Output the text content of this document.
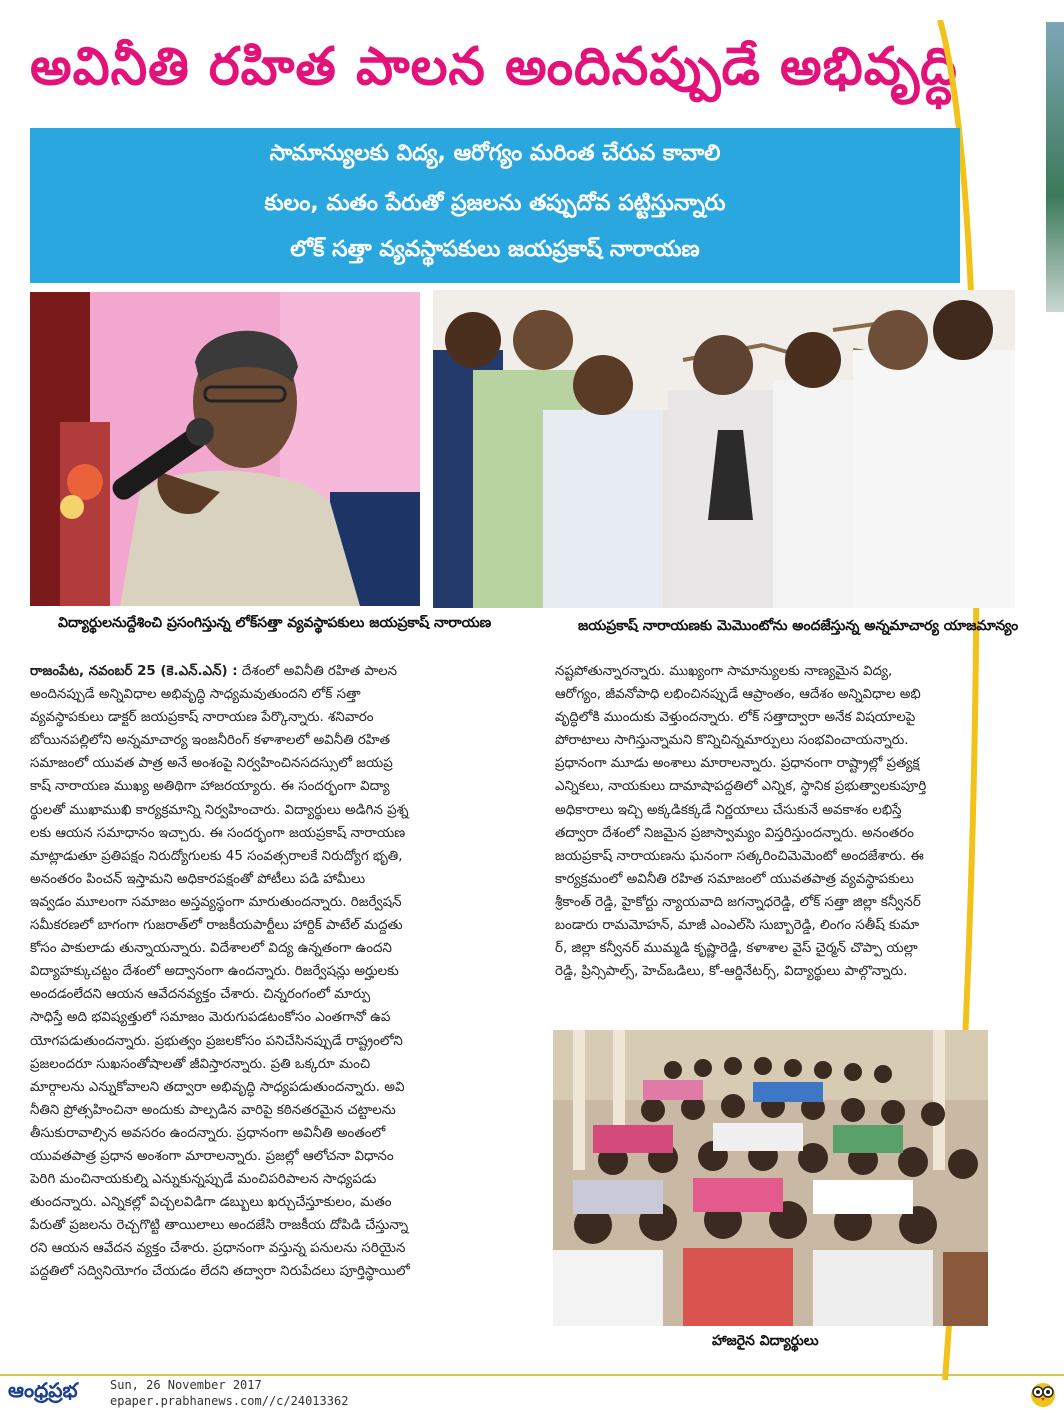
అవినీతి రహిత పాలన అందినప్పుడే అభివృద్ధి
సామాన్యులకు విద్య, ఆరోగ్యం మరింత చేరువ కావాలి
కులం, మతం పేరుతో ప్రజలను తప్పుదోవ పట్టిస్తున్నారు
లోక్ సత్తా వ్యవస్థాపకులు జయప్రకాష్ నారాయణ
విద్యార్థులనుద్దేశించి ప్రసంగిస్తున్న లోక్‌సత్తా వ్యవస్థాపకులు జయప్రకాష్ నారాయణ	జయప్రకాష్ నారాయణకు మెమొంటోను అందజేస్తున్న అన్నమాచార్య యాజమాన్యం
రాజంపేట, నవంబర్ 25 (కె.ఎన్.ఎన్) : దేశంలో అవినీతి రహిత పాలన
అందినప్పుడే అన్నివిధాల అభివృద్ధి సాధ్యమవుతుందని లోక్ సత్తా
వ్యవస్థాపకులు డాక్టర్ జయప్రకాష్ నారాయణ పేర్కొన్నారు. శనివారం
బోయినపల్లిలోని అన్నమాచార్య ఇంజనీరింగ్ కళాశాలలో అవినీతి రహిత
సమాజంలో యువత పాత్ర అనే అంశంపై నిర్వహించినసదస్సులో జయప్ర
కాష్ నారాయణ ముఖ్య అతిథిగా హాజరయ్యారు. ఈ సందర్భంగా విద్యా
ర్థులతో ముఖాముఖి కార్యక్రమాన్ని నిర్వహించారు. విద్యార్థులు అడిగిన ప్రశ్న
లకు ఆయన సమాధానం ఇచ్చారు. ఈ సందర్భంగా జయప్రకాష్ నారాయణ
మాట్లాడుతూ ప్రతిపక్షం నిరుద్యోగులకు 45 సంవత్సరాలకే నిరుద్యోగ భృతి,
అనంతరం పించన్ ఇస్తామని అధికారపక్షంతో పోటీలు పడి హామీలు
ఇవ్వడం మూలంగా సమాజం అస్తవ్యస్థంగా మారుతుందన్నారు. రిజర్వేషన్
సమీకరణలో బాగంగా గుజరాత్‌లో రాజకీయపార్టీలు హార్దిక్ పాటేల్ మద్దతు
కోసం పాకులాడు తున్నాయన్నారు. విదేశాలలో విద్య ఉన్నతంగా ఉందని
విద్యాహక్కుచట్టం దేశంలో అద్వానంగా ఉందన్నారు. రిజర్వేషన్లు అర్హులకు
అందడంలేదని ఆయన ఆవేదనవ్యక్తం చేశారు. చిన్నరంగంలో మార్పు
సాధిస్తే అది భవిష్యత్తులో సమాజం మెరుగుపడటంకోసం ఎంతగానో ఉప
యోగపడుతుందన్నారు. ప్రభుత్వం ప్రజలకోసం పనిచేసినప్పుడే రాష్ట్రంలోని
ప్రజలందరూ సుఖసంతోషాలతో జీవిస్తారన్నారు. ప్రతి ఒక్కరూ మంచి
మార్గాలను ఎన్నుకోవాలని తద్వారా అభివృద్ధి సాధ్యపడుతుందన్నారు. అవి
నీతిని ప్రోత్సహించినా అందుకు పాల్పడిన వారిపై కఠినతరమైన చట్టాలను
తీసుకురావాల్సిన అవసరం ఉందన్నారు. ప్రధానంగా అవినీతి అంతంలో
యువతపాత్ర ప్రధాన అంశంగా మారాలన్నారు. ప్రజల్లో ఆలోచనా విధానం
పెరిగి మంచినాయకుల్ని ఎన్నుకున్నప్పుడే మంచిపరిపాలన సాధ్యపడు
తుందన్నారు. ఎన్నికల్లో విచ్చలవిడిగా డబ్బులు ఖర్చుచేస్తూకులం, మతం
పేరుతో ప్రజలను రెచ్చగొట్టి తాయిలాలు అందజేసి రాజకీయ దోపిడి చేస్తున్నా
రని ఆయన ఆవేదన వ్యక్తం చేశారు. ప్రధానంగా వస్తున్న పనులను సరియైన
పద్దతిలో సద్వినియోగం చేయడం లేదని తద్వారా నిరుపేదలు పూర్తిస్థాయిలో
నష్టపోతున్నారన్నారు. ముఖ్యంగా సామాన్యులకు నాణ్యమైన విద్య,
ఆరోగ్యం, జీవనోపాధి లభించినప్పుడే ఆప్రాంతం, ఆదేశం అన్నివిధాల అభి
వృద్ధిలోకి ముందుకు వెళ్తుందన్నారు. లోక్ సత్తాద్వారా అనేక విషయాలపై
పోరాటాలు సాగిస్తున్నామని కొన్నిచిన్నమార్పులు సంభవించాయన్నారు.
ప్రధానంగా మూడు అంశాలు మారాలన్నారు. ప్రధానంగా రాష్ట్రాల్లో ప్రత్యక్ష
ఎన్నికలు, నాయకులు దామాషాపద్దతిలో ఎన్నిక, స్థానిక ప్రభుత్వాలకుపూర్తి
అధికారాలు ఇచ్చి అక్కడికక్కడే నిర్ణయాలు చేసుకునే అవకాశం లభిస్తే
తద్వారా దేశంలో నిజమైన ప్రజాస్వామ్యం విస్తరిస్తుందన్నారు. అనంతరం
జయప్రకాష్ నారాయణను ఘనంగా సత్కరించిమెమెంటో అందజేశారు. ఈ
కార్యక్రమంలో అవినీతి రహిత సమాజంలో యువతపాత్ర వ్యవస్థాపకులు
శ్రీకాంత్ రెడ్డి, హైకోర్టు న్యాయవాది జగన్నాధరెడ్డి, లోక్ సత్తా జిల్లా కన్వీనర్
బండారు రామమోహన్, మాజీ ఎంఎల్‌సి సుబ్బారెడ్డి, లింగం సతీష్ కుమా
ర్, జిల్లా కన్వీనర్ ముమ్మడి కృష్ణారెడ్డి, కళాశాల వైస్ చైర్మన్ చొప్పా యల్లా
రెడ్డి, ప్రిన్సిపాల్స్, హెచ్ఒడిలు, కో-ఆర్డినేటర్స్, విద్యార్థులు పాల్గొన్నారు.
హాజరైన విద్యార్థులు
ఆంధ్రప్రభ	Sun, 26 November 2017
epaper.prabhanews.com//c/24013362
